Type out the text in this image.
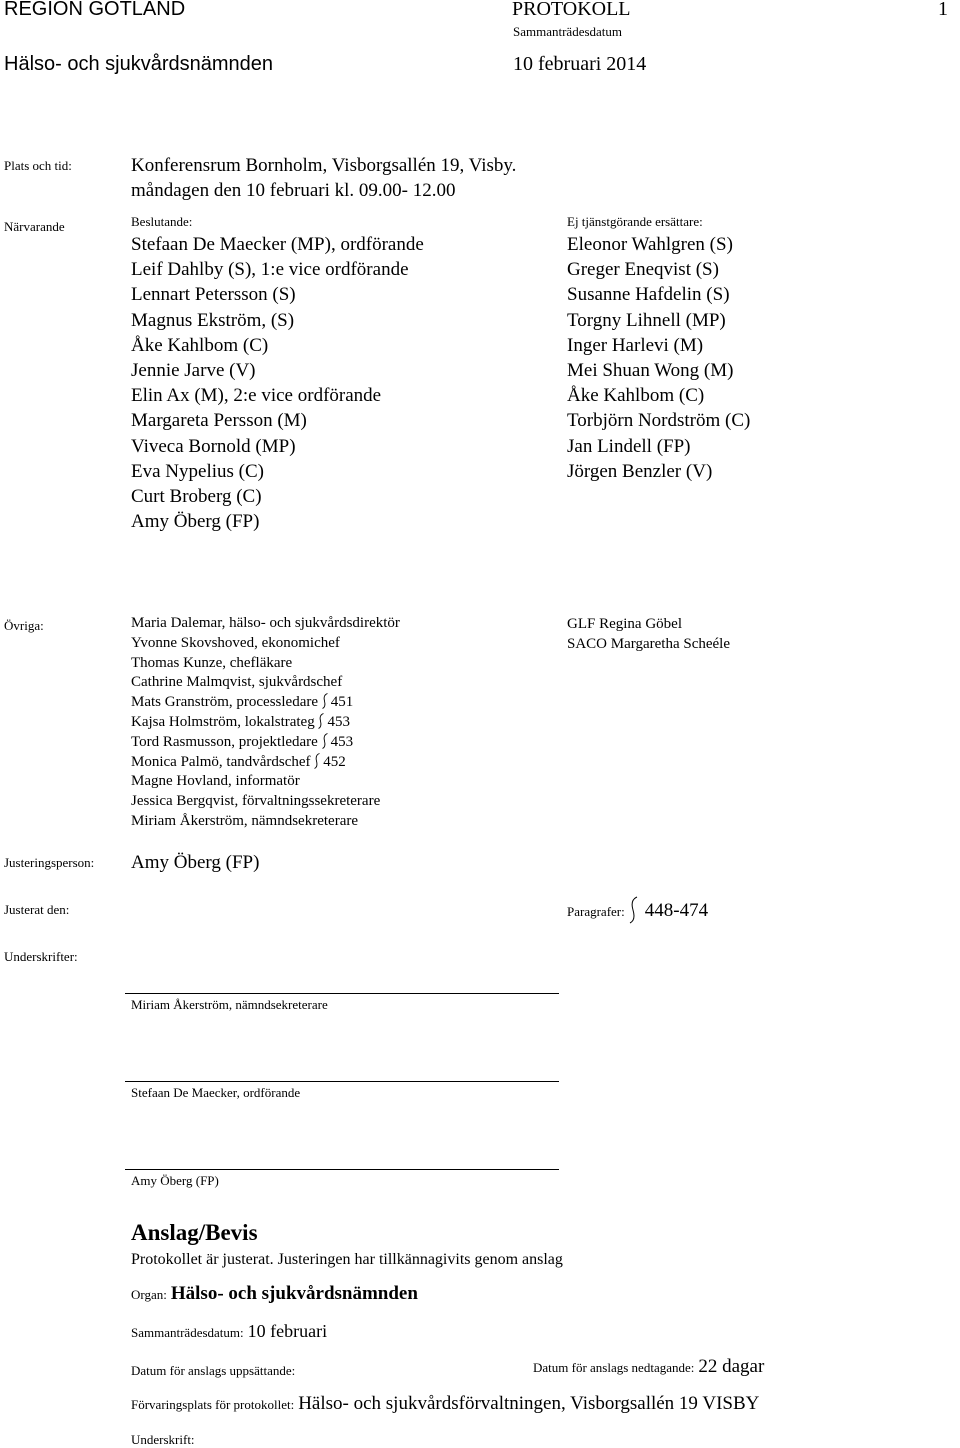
REGION GOTLAND	PROTOKOLL	1
Sammanträdesdatum
Hälso- och sjukvårdsnämnden	10 februari 2014
Plats och tid:	Konferensrum Bornholm, Visborgsallén 19, Visby.
måndagen den 10 februari kl. 09.00- 12.00
Närvarande	Beslutande:
Stefaan De Maecker (MP), ordförande
Leif Dahlby (S), 1:e vice ordförande
Lennart Petersson (S)
Magnus Ekström, (S)
Åke Kahlbom (C)
Jennie Jarve (V)
Elin Ax (M), 2:e vice ordförande
Margareta Persson (M)
Viveca Bornold (MP)
Eva Nypelius (C)
Curt Broberg (C)
Amy Öberg (FP)
Ej tjänstgörande ersättare:
Eleonor Wahlgren (S)
Greger Eneqvist (S)
Susanne Hafdelin (S)
Torgny Lihnell (MP)
Inger Harlevi (M)
Mei Shuan Wong (M)
Åke Kahlbom (C)
Torbjörn Nordström (C)
Jan Lindell (FP)
Jörgen Benzler (V)
Övriga:	Maria Dalemar, hälso- och sjukvårdsdirektör
Yvonne Skovshoved, ekonomichef
Thomas Kunze, chefläkare
Cathrine Malmqvist, sjukvårdschef
Mats Granström, processledare 451
Kajsa Holmström, lokalstrateg 453
Tord Rasmusson, projektledare 453
Monica Palmö, tandvårdschef 452
Magne Hovland, informatör
Jessica Bergqvist, förvaltningssekreterare
Miriam Åkerström, nämndsekreterare
GLF Regina Göbel
SACO Margaretha Scheéle
Justeringsperson: Amy Öberg (FP)
Justerat den:	Paragrafer: 448-474
Underskrifter:
Miriam Åkerström, nämndsekreterare
Stefaan De Maecker, ordförande
Amy Öberg (FP)
Anslag/Bevis
Protokollet är justerat. Justeringen har tillkännagivits genom anslag
Organ: Hälso- och sjukvårdsnämnden
Sammanträdesdatum: 10 februari
Datum för anslags uppsättande:	Datum för anslags nedtagande: 22 dagar
Förvaringsplats för protokollet: Hälso- och sjukvårdsförvaltningen, Visborgsallén 19 VISBY
Underskrift:
